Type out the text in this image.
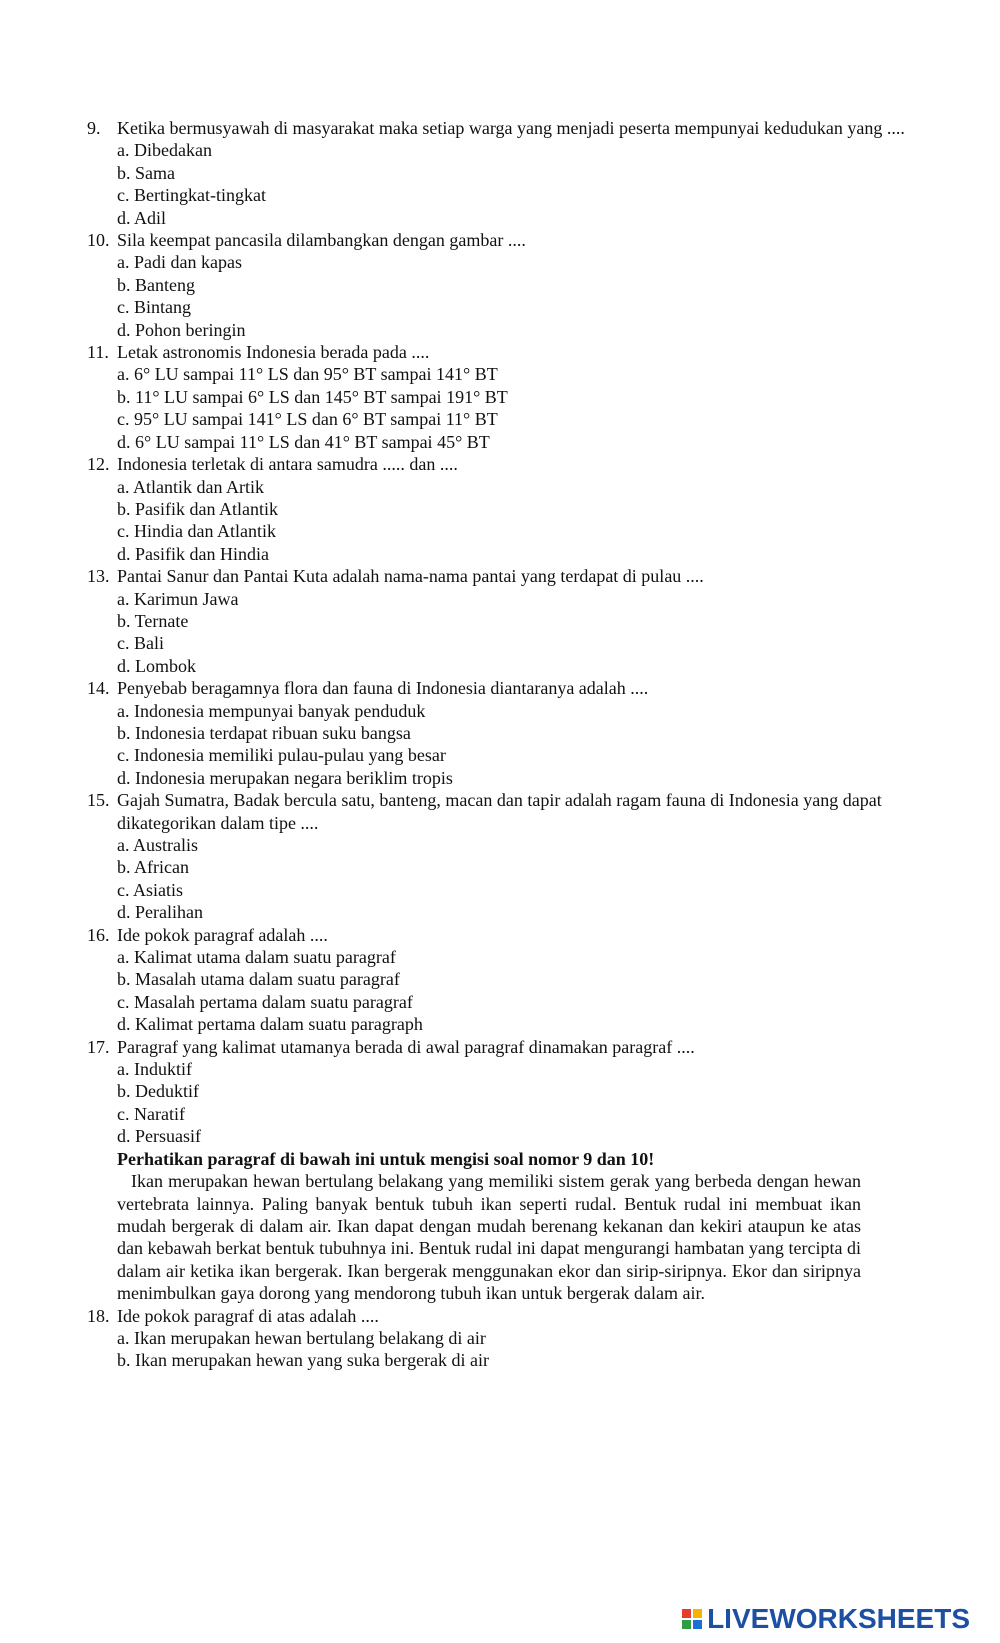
9. Ketika bermusyawah di masyarakat maka setiap warga yang menjadi peserta mempunyai kedudukan yang ....
a. Dibedakan
b. Sama
c. Bertingkat-tingkat
d. Adil
10. Sila keempat pancasila dilambangkan dengan gambar ....
a. Padi dan kapas
b. Banteng
c. Bintang
d. Pohon beringin
11. Letak astronomis Indonesia berada pada ....
a. 6° LU sampai 11° LS dan 95° BT sampai 141° BT
b. 11° LU sampai 6° LS dan 145° BT sampai 191° BT
c. 95° LU sampai 141° LS dan 6° BT sampai 11° BT
d. 6° LU sampai 11° LS dan 41° BT sampai 45° BT
12. Indonesia terletak di antara samudra ..... dan ....
a. Atlantik dan Artik
b. Pasifik dan Atlantik
c. Hindia dan Atlantik
d. Pasifik dan Hindia
13. Pantai Sanur dan Pantai Kuta adalah nama-nama pantai yang terdapat di pulau ....
a. Karimun Jawa
b. Ternate
c. Bali
d. Lombok
14. Penyebab beragamnya flora dan fauna di Indonesia diantaranya adalah ....
a. Indonesia mempunyai banyak penduduk
b. Indonesia terdapat ribuan suku bangsa
c. Indonesia memiliki pulau-pulau yang besar
d. Indonesia merupakan negara beriklim tropis
15. Gajah Sumatra, Badak bercula satu, banteng, macan dan tapir adalah ragam fauna di Indonesia yang dapat dikategorikan dalam tipe ....
a. Australis
b. African
c. Asiatis
d. Peralihan
16. Ide pokok paragraf adalah ....
a. Kalimat utama dalam suatu paragraf
b. Masalah utama dalam suatu paragraf
c. Masalah pertama dalam suatu paragraf
d. Kalimat pertama dalam suatu paragraph
17. Paragraf yang kalimat utamanya berada di awal paragraf dinamakan paragraf ....
a. Induktif
b. Deduktif
c. Naratif
d. Persuasif
Perhatikan paragraf di bawah ini untuk mengisi soal nomor 9 dan 10!
Ikan merupakan hewan bertulang belakang yang memiliki sistem gerak yang berbeda dengan hewan vertebrata lainnya. Paling banyak bentuk tubuh ikan seperti rudal. Bentuk rudal ini membuat ikan mudah bergerak di dalam air. Ikan dapat dengan mudah berenang kekanan dan kekiri ataupun ke atas dan kebawah berkat bentuk tubuhnya ini. Bentuk rudal ini dapat mengurangi hambatan yang tercipta di dalam air ketika ikan bergerak. Ikan bergerak menggunakan ekor dan sirip-siripnya. Ekor dan siripnya menimbulkan gaya dorong yang mendorong tubuh ikan untuk bergerak dalam air.
18. Ide pokok paragraf di atas adalah ....
a. Ikan merupakan hewan bertulang belakang di air
b. Ikan merupakan hewan yang suka bergerak di air
LIVEWORKSHEETS
